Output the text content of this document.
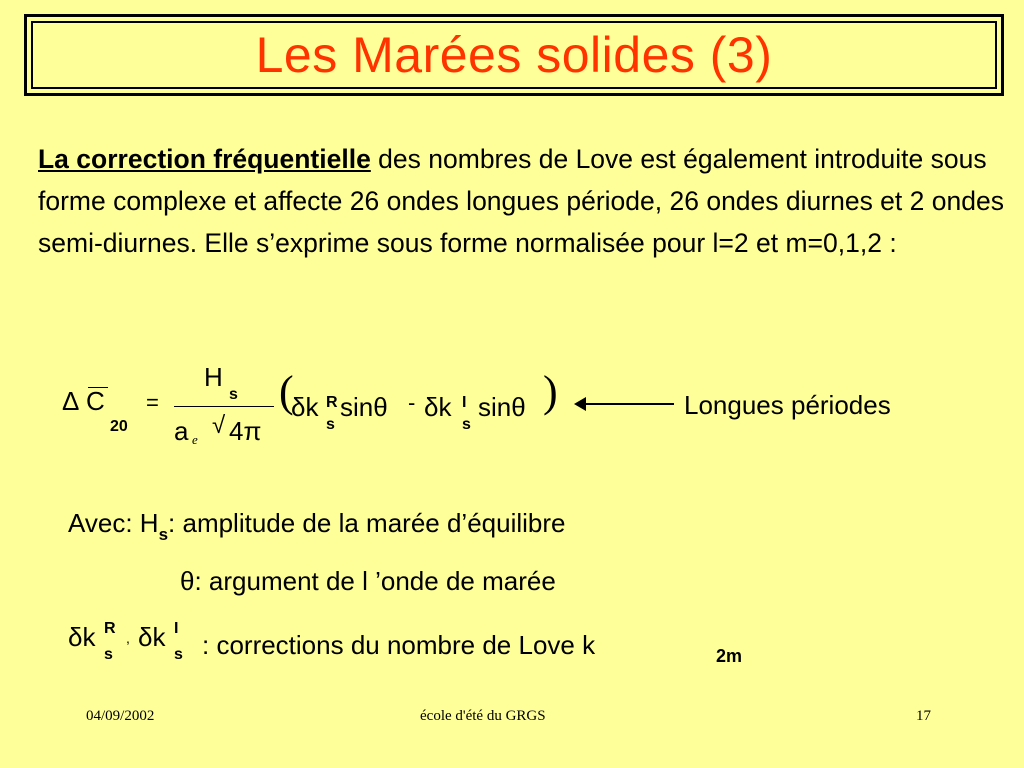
Les Marées solides (3)
La correction fréquentielle des nombres de Love est également introduite sous forme complexe et affecte 26 ondes longues période, 26 ondes diurnes et 2 ondes semi-diurnes. Elle s’exprime sous forme normalisée pour l=2 et m=0,1,2 :
Δ C
20
=
H
s
a e
√ 4π
(
δk R
s
sinθ - δk I
s
sinθ )	Longues périodes
Avec: $H_s$: amplitude de la marée d’équilibre
θ: argument de l ’onde de marée
δk R
s
, δk I
s : corrections du nombre de Love k	2m
04/09/2002	école d'été du GRGS	17
